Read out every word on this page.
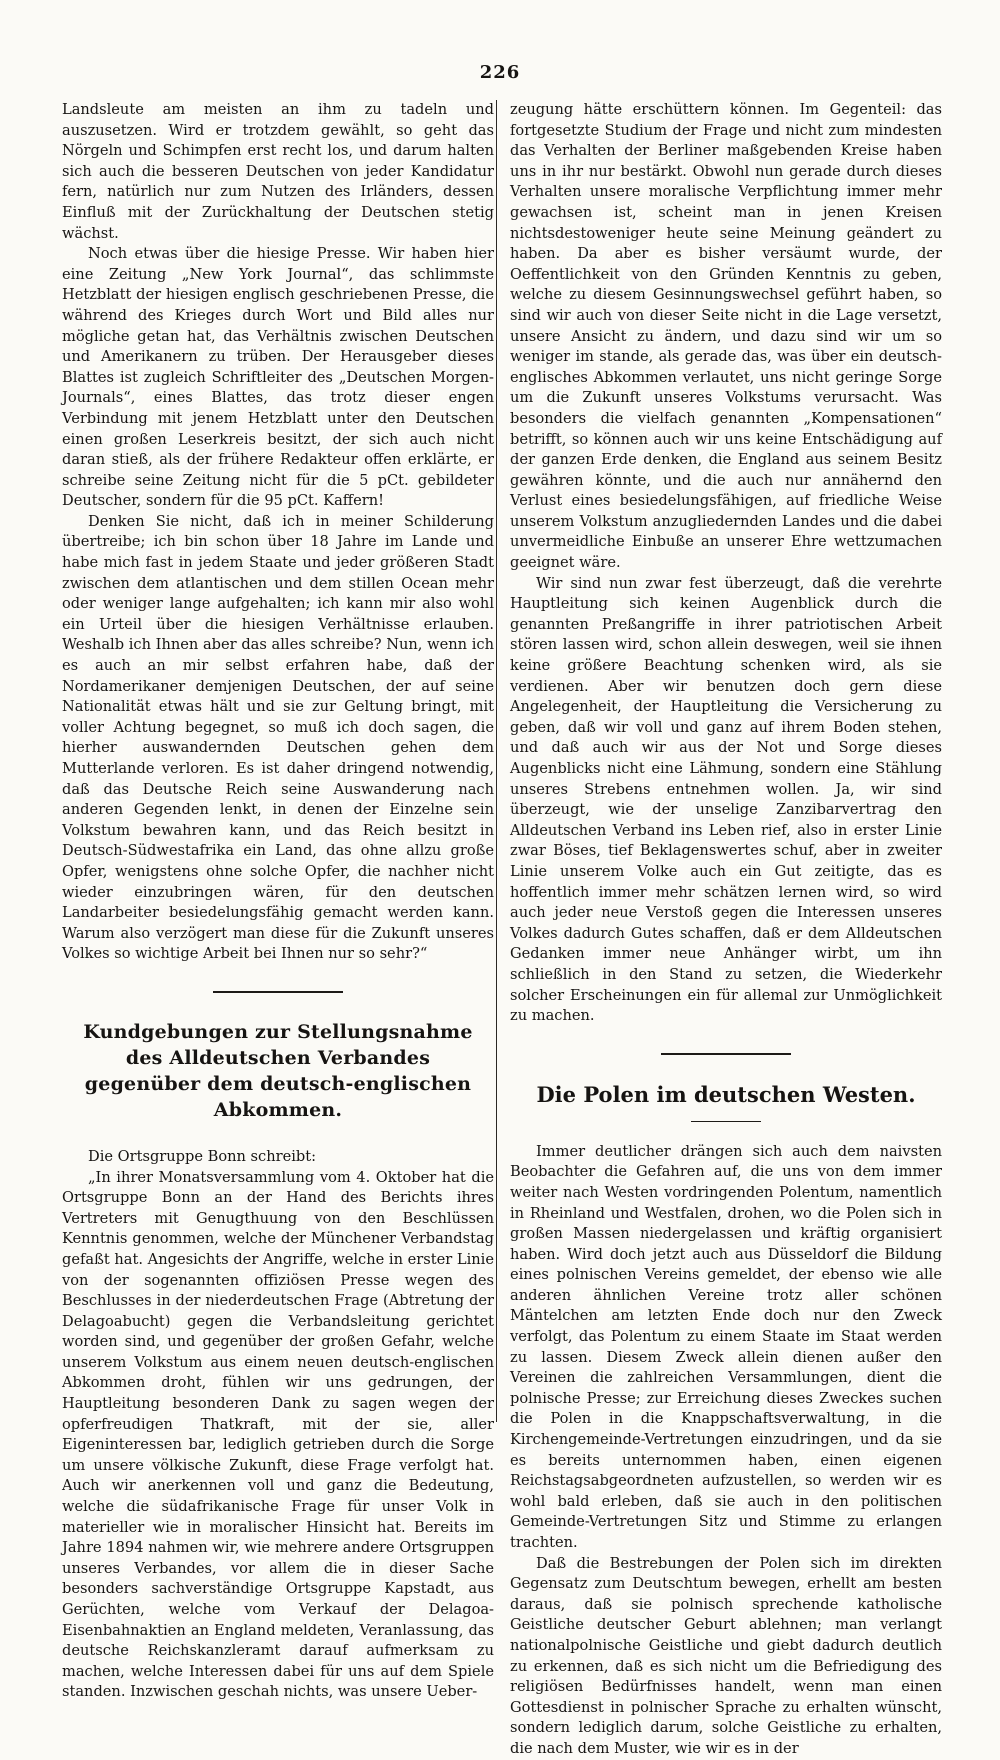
226

Landsleute am meisten an ihm zu tadeln und auszusetzen. Wird er trotzdem gewählt, so geht das Nörgeln und Schimpfen erst recht los, und darum halten sich auch die besseren Deutschen von jeder Kandidatur fern, natürlich nur zum Nutzen des Irländers, dessen Einfluß mit der Zurückhaltung der Deutschen stetig wächst.

Noch etwas über die hiesige Presse. Wir haben hier eine Zeitung „New York Journal“, das schlimmste Hetzblatt der hiesigen englisch geschriebenen Presse, die während des Krieges durch Wort und Bild alles nur mögliche getan hat, das Verhältnis zwischen Deutschen und Amerikanern zu trüben. Der Herausgeber dieses Blattes ist zugleich Schriftleiter des „Deutschen Morgen-Journals“, eines Blattes, das trotz dieser engen Verbindung mit jenem Hetzblatt unter den Deutschen einen großen Leserkreis besitzt, der sich auch nicht daran stieß, als der frühere Redakteur offen erklärte, er schreibe seine Zeitung nicht für die 5 pCt. gebildeter Deutscher, sondern für die 95 pCt. Kaffern!

Denken Sie nicht, daß ich in meiner Schilderung übertreibe; ich bin schon über 18 Jahre im Lande und habe mich fast in jedem Staate und jeder größeren Stadt zwischen dem atlantischen und dem stillen Ocean mehr oder weniger lange aufgehalten; ich kann mir also wohl ein Urteil über die hiesigen Verhältnisse erlauben. Weshalb ich Ihnen aber das alles schreibe? Nun, wenn ich es auch an mir selbst erfahren habe, daß der Nordamerikaner demjenigen Deutschen, der auf seine Nationalität etwas hält und sie zur Geltung bringt, mit voller Achtung begegnet, so muß ich doch sagen, die hierher auswandernden Deutschen gehen dem Mutterlande verloren. Es ist daher dringend notwendig, daß das Deutsche Reich seine Auswanderung nach anderen Gegenden lenkt, in denen der Einzelne sein Volkstum bewahren kann, und das Reich besitzt in Deutsch-Südwestafrika ein Land, das ohne allzu große Opfer, wenigstens ohne solche Opfer, die nachher nicht wieder einzubringen wären, für den deutschen Landarbeiter besiedelungsfähig gemacht werden kann. Warum also verzögert man diese für die Zukunft unseres Volkes so wichtige Arbeit bei Ihnen nur so sehr?“

Kundgebungen zur Stellungsnahme des Alldeutschen Verbandes gegenüber dem deutsch-englischen Abkommen.

Die Ortsgruppe Bonn schreibt:

„In ihrer Monatsversammlung vom 4. Oktober hat die Ortsgruppe Bonn an der Hand des Berichts ihres Vertreters mit Genugthuung von den Beschlüssen Kenntnis genommen, welche der Münchener Verbandstag gefaßt hat. Angesichts der Angriffe, welche in erster Linie von der sogenannten offiziösen Presse wegen des Beschlusses in der niederdeutschen Frage (Abtretung der Delagoabucht) gegen die Verbandsleitung gerichtet worden sind, und gegenüber der großen Gefahr, welche unserem Volkstum aus einem neuen deutsch-englischen Abkommen droht, fühlen wir uns gedrungen, der Hauptleitung besonderen Dank zu sagen wegen der opferfreudigen Thatkraft, mit der sie, aller Eigeninteressen bar, lediglich getrieben durch die Sorge um unsere völkische Zukunft, diese Frage verfolgt hat. Auch wir anerkennen voll und ganz die Bedeutung, welche die südafrikanische Frage für unser Volk in materieller wie in moralischer Hinsicht hat. Bereits im Jahre 1894 nahmen wir, wie mehrere andere Ortsgruppen unseres Verbandes, vor allem die in dieser Sache besonders sachverständige Ortsgruppe Kapstadt, aus Gerüchten, welche vom Verkauf der Delagoa-Eisenbahnaktien an England meldeten, Veranlassung, das deutsche Reichskanzleramt darauf aufmerksam zu machen, welche Interessen dabei für uns auf dem Spiele standen. Inzwischen geschah nichts, was unsere Ueber-

zeugung hätte erschüttern können. Im Gegenteil: das fortgesetzte Studium der Frage und nicht zum mindesten das Verhalten der Berliner maßgebenden Kreise haben uns in ihr nur bestärkt. Obwohl nun gerade durch dieses Verhalten unsere moralische Verpflichtung immer mehr gewachsen ist, scheint man in jenen Kreisen nichtsdestoweniger heute seine Meinung geändert zu haben. Da aber es bisher versäumt wurde, der Oeffentlichkeit von den Gründen Kenntnis zu geben, welche zu diesem Gesinnungswechsel geführt haben, so sind wir auch von dieser Seite nicht in die Lage versetzt, unsere Ansicht zu ändern, und dazu sind wir um so weniger im stande, als gerade das, was über ein deutsch-englisches Abkommen verlautet, uns nicht geringe Sorge um die Zukunft unseres Volkstums verursacht. Was besonders die vielfach genannten „Kompensationen“ betrifft, so können auch wir uns keine Entschädigung auf der ganzen Erde denken, die England aus seinem Besitz gewähren könnte, und die auch nur annähernd den Verlust eines besiedelungsfähigen, auf friedliche Weise unserem Volkstum anzugliedernden Landes und die dabei unvermeidliche Einbuße an unserer Ehre wettzumachen geeignet wäre.

Wir sind nun zwar fest überzeugt, daß die verehrte Hauptleitung sich keinen Augenblick durch die genannten Preßangriffe in ihrer patriotischen Arbeit stören lassen wird, schon allein deswegen, weil sie ihnen keine größere Beachtung schenken wird, als sie verdienen. Aber wir benutzen doch gern diese Angelegenheit, der Hauptleitung die Versicherung zu geben, daß wir voll und ganz auf ihrem Boden stehen, und daß auch wir aus der Not und Sorge dieses Augenblicks nicht eine Lähmung, sondern eine Stählung unseres Strebens entnehmen wollen. Ja, wir sind überzeugt, wie der unselige Zanzibarvertrag den Alldeutschen Verband ins Leben rief, also in erster Linie zwar Böses, tief Beklagenswertes schuf, aber in zweiter Linie unserem Volke auch ein Gut zeitigte, das es hoffentlich immer mehr schätzen lernen wird, so wird auch jeder neue Verstoß gegen die Interessen unseres Volkes dadurch Gutes schaffen, daß er dem Alldeutschen Gedanken immer neue Anhänger wirbt, um ihn schließlich in den Stand zu setzen, die Wiederkehr solcher Erscheinungen ein für allemal zur Unmöglichkeit zu machen.

Die Polen im deutschen Westen.

Immer deutlicher drängen sich auch dem naivsten Beobachter die Gefahren auf, die uns von dem immer weiter nach Westen vordringenden Polentum, namentlich in Rheinland und Westfalen, drohen, wo die Polen sich in großen Massen niedergelassen und kräftig organisiert haben. Wird doch jetzt auch aus Düsseldorf die Bildung eines polnischen Vereins gemeldet, der ebenso wie alle anderen ähnlichen Vereine trotz aller schönen Mäntelchen am letzten Ende doch nur den Zweck verfolgt, das Polentum zu einem Staate im Staat werden zu lassen. Diesem Zweck allein dienen außer den Vereinen die zahlreichen Versammlungen, dient die polnische Presse; zur Erreichung dieses Zweckes suchen die Polen in die Knappschaftsverwaltung, in die Kirchengemeinde-Vertretungen einzudringen, und da sie es bereits unternommen haben, einen eigenen Reichstagsabgeordneten aufzustellen, so werden wir es wohl bald erleben, daß sie auch in den politischen Gemeinde-Vertretungen Sitz und Stimme zu erlangen trachten.

Daß die Bestrebungen der Polen sich im direkten Gegensatz zum Deutschtum bewegen, erhellt am besten daraus, daß sie polnisch sprechende katholische Geistliche deutscher Geburt ablehnen; man verlangt nationalpolnische Geistliche und giebt dadurch deutlich zu erkennen, daß es sich nicht um die Befriedigung des religiösen Bedürfnisses handelt, wenn man einen Gottesdienst in polnischer Sprache zu erhalten wünscht, sondern lediglich darum, solche Geistliche zu erhalten, die nach dem Muster, wie wir es in der
